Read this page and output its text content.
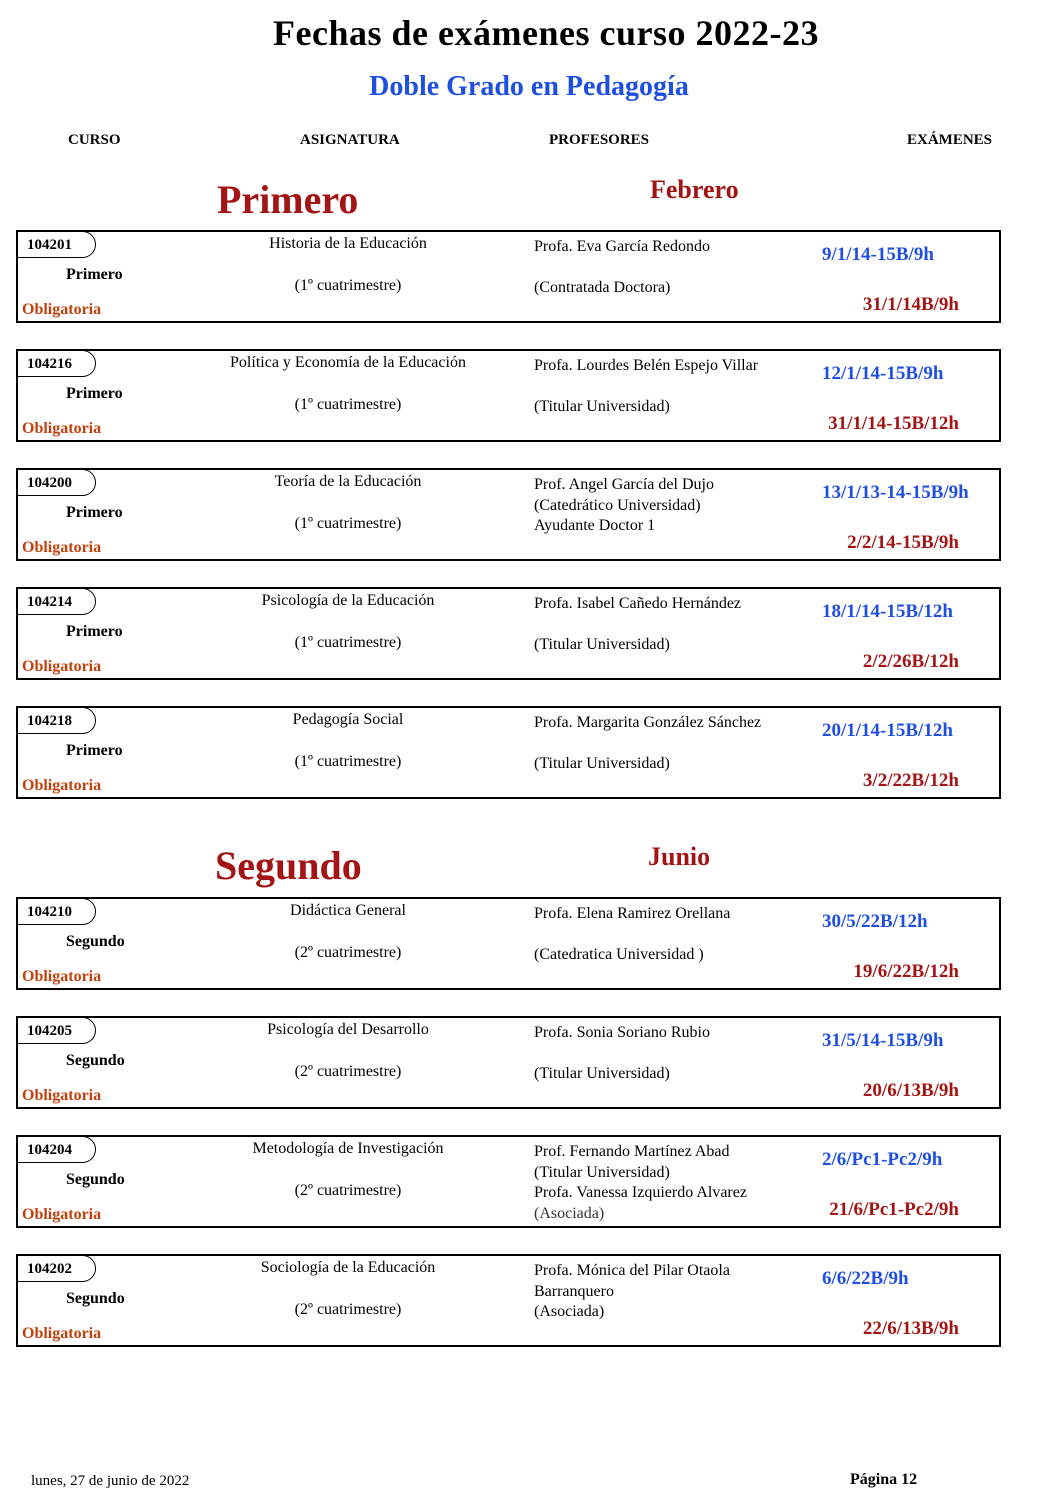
Fechas de exámenes curso 2022-23
Doble Grado en Pedagogía
CURSO	ASIGNATURA	PROFESORES	EXÁMENES
Primero	Febrero
Segundo	Junio
104201
Primero
Obligatoria
Historia de la Educación
(1º cuatrimestre)
Profa. Eva García Redondo
(Contratada Doctora)
9/1/14-15B/9h
31/1/14B/9h
104216
Primero
Obligatoria
Política y Economía de la Educación
(1º cuatrimestre)
Profa. Lourdes Belén Espejo Villar
(Titular Universidad)
12/1/14-15B/9h
31/1/14-15B/12h
104200
Primero
Obligatoria
Teoría de la Educación
(1º cuatrimestre)
Prof. Angel García del Dujo
(Catedrático Universidad)
Ayudante Doctor 1
13/1/13-14-15B/9h
2/2/14-15B/9h
104214
Primero
Obligatoria
Psicología de la Educación
(1º cuatrimestre)
Profa. Isabel Cañedo Hernández
(Titular Universidad)
18/1/14-15B/12h
2/2/26B/12h
104218
Primero
Obligatoria
Pedagogía Social
(1º cuatrimestre)
Profa. Margarita González Sánchez
(Titular Universidad)
20/1/14-15B/12h
3/2/22B/12h
104210
Segundo
Obligatoria
Didáctica General
(2º cuatrimestre)
Profa. Elena Ramirez Orellana
(Catedratica Universidad )
30/5/22B/12h
19/6/22B/12h
104205
Segundo
Obligatoria
Psicología del Desarrollo
(2º cuatrimestre)
Profa. Sonia Soriano Rubio
(Titular Universidad)
31/5/14-15B/9h
20/6/13B/9h
104204
Segundo
Obligatoria
Metodología de Investigación
(2º cuatrimestre)
Prof. Fernando Martínez Abad
(Titular Universidad)
Profa. Vanessa Izquierdo Alvarez
(Asociada)
2/6/Pc1-Pc2/9h
21/6/Pc1-Pc2/9h
104202
Segundo
Obligatoria
Sociología de la Educación
(2º cuatrimestre)
Profa. Mónica del Pilar Otaola
Barranquero
(Asociada)
6/6/22B/9h
22/6/13B/9h
lunes, 27 de junio de 2022	Página 12
